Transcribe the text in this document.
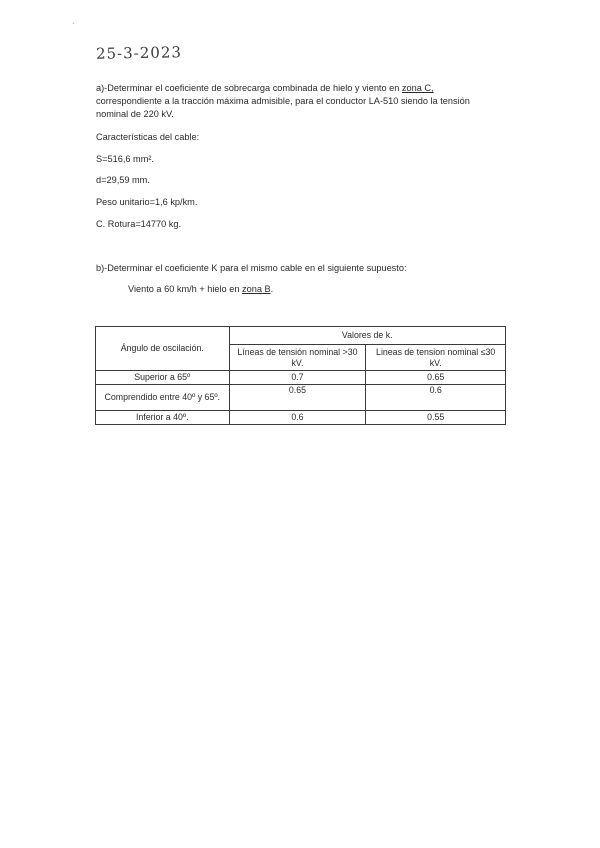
`
25-3-2023
a)-Determinar el coeficiente de sobrecarga combinada de hielo y viento en zona C,
correspondiente a la tracción máxima admisible, para el conductor LA-510 siendo la tensión
nominal de 220 kV.
Características del cable:
S=516,6 mm².
d=29,59 mm.
Peso unitario=1,6 kp/km.
C. Rotura=14770 kg.
b)-Determinar el coeficiente K para el mismo cable en el siguiente supuesto:
Viento a 60 km/h + hielo en zona B.
Ángulo de oscilación.	Valores de k.	
	Líneas de tensión nominal >30 kV.	Lineas de tension nominal ≤30 kV.
Superior a 65º	0.7	0.65
Comprendido entre 40º y 65º.	0.65	0.6
Inferior a 40º.	0.6	0.55
